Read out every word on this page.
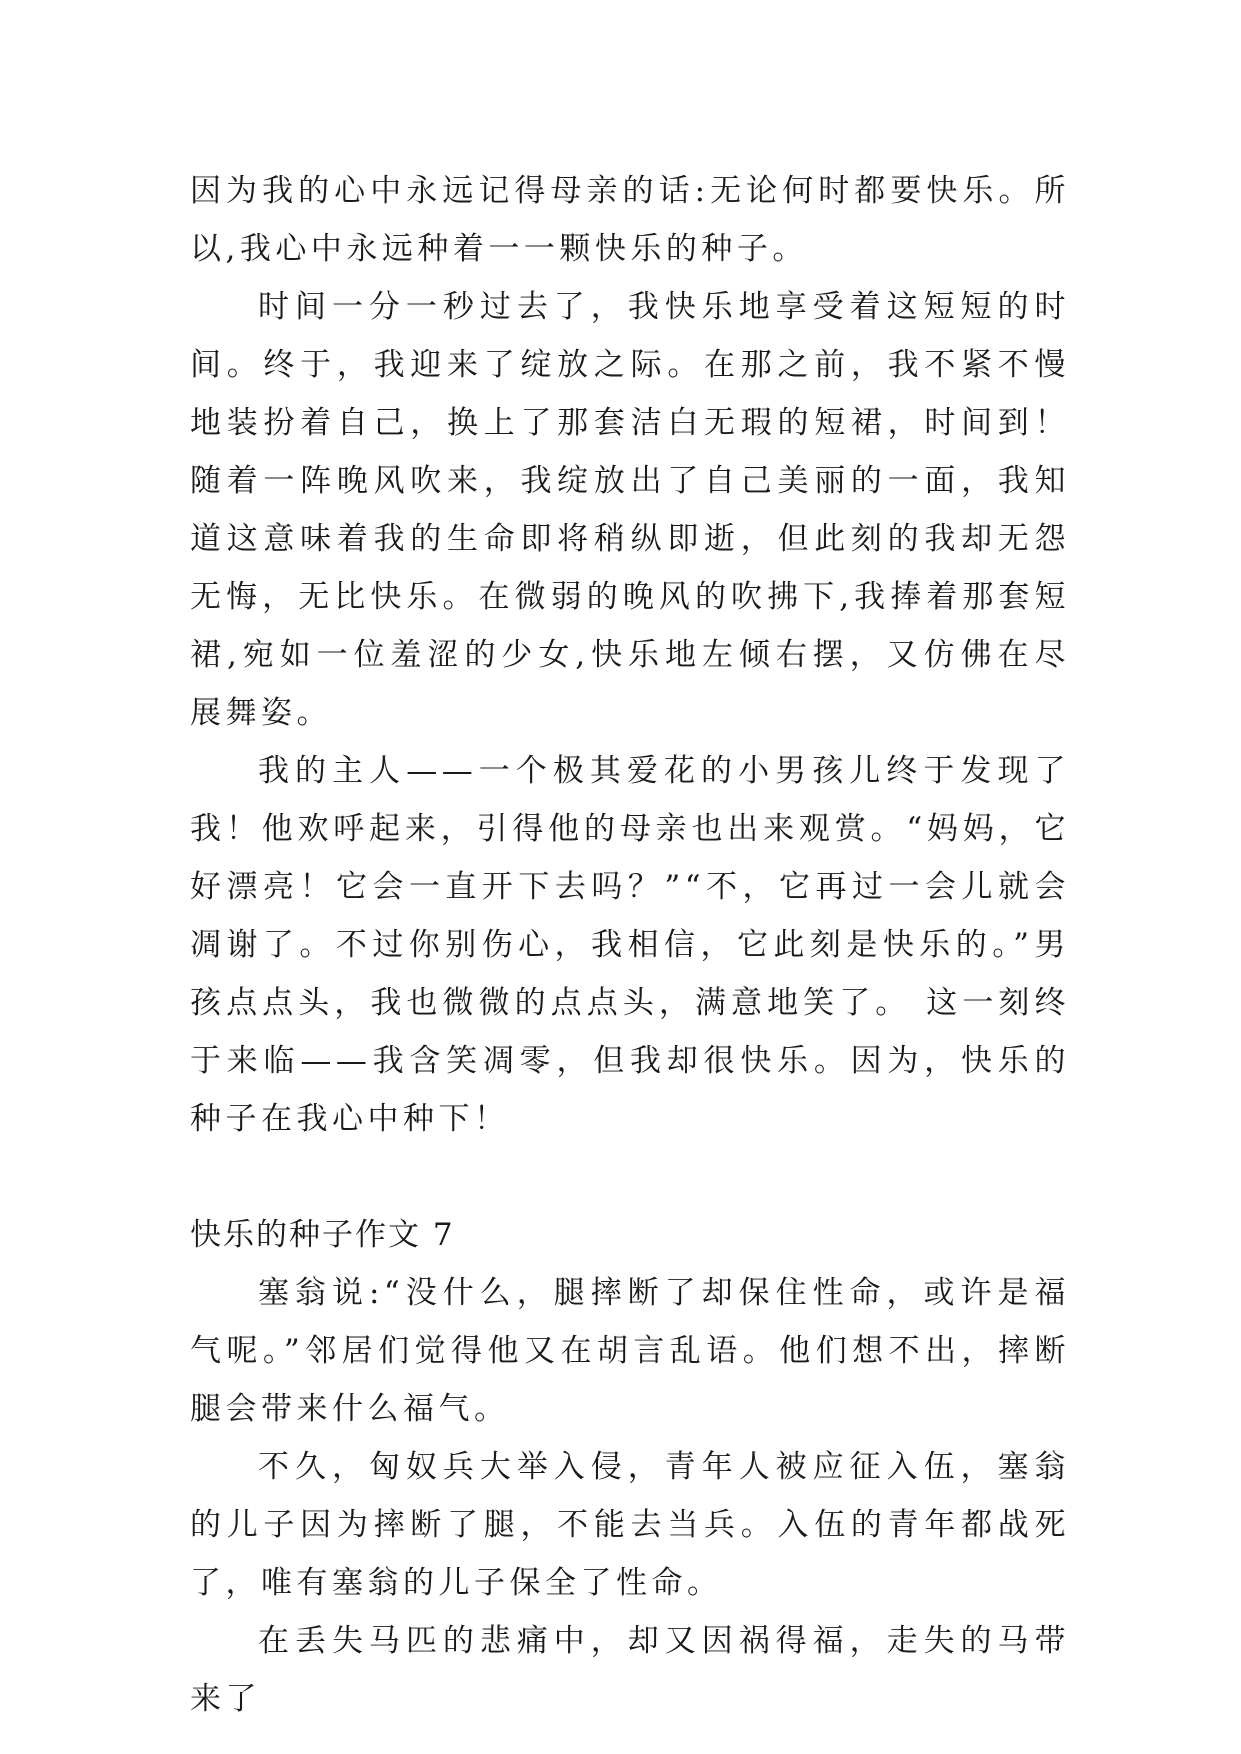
因为我的心中永远记得母亲的话:无论何时都要快乐。所以,我心中永远种着一一颗快乐的种子。

时间一分一秒过去了，我快乐地享受着这短短的时间。终于，我迎来了绽放之际。在那之前，我不紧不慢地装扮着自己，换上了那套洁白无瑕的短裙，时间到！随着一阵晚风吹来，我绽放出了自己美丽的一面，我知道这意味着我的生命即将稍纵即逝，但此刻的我却无怨无悔，无比快乐。在微弱的晚风的吹拂下,我捧着那套短裙,宛如一位羞涩的少女,快乐地左倾右摆，又仿佛在尽展舞姿。

我的主人——一个极其爱花的小男孩儿终于发现了我！他欢呼起来，引得他的母亲也出来观赏。“妈妈，它好漂亮！它会一直开下去吗？”“不，它再过一会儿就会凋谢了。不过你别伤心，我相信，它此刻是快乐的。”男孩点点头，我也微微的点点头，满意地笑了。 这一刻终于来临——我含笑凋零，但我却很快乐。因为，快乐的种子在我心中种下！

快乐的种子作文 7

塞翁说:“没什么，腿摔断了却保住性命，或许是福气呢。”邻居们觉得他又在胡言乱语。他们想不出，摔断腿会带来什么福气。

不久，匈奴兵大举入侵，青年人被应征入伍，塞翁的儿子因为摔断了腿，不能去当兵。入伍的青年都战死了，唯有塞翁的儿子保全了性命。

在丢失马匹的悲痛中，却又因祸得福，走失的马带来了
